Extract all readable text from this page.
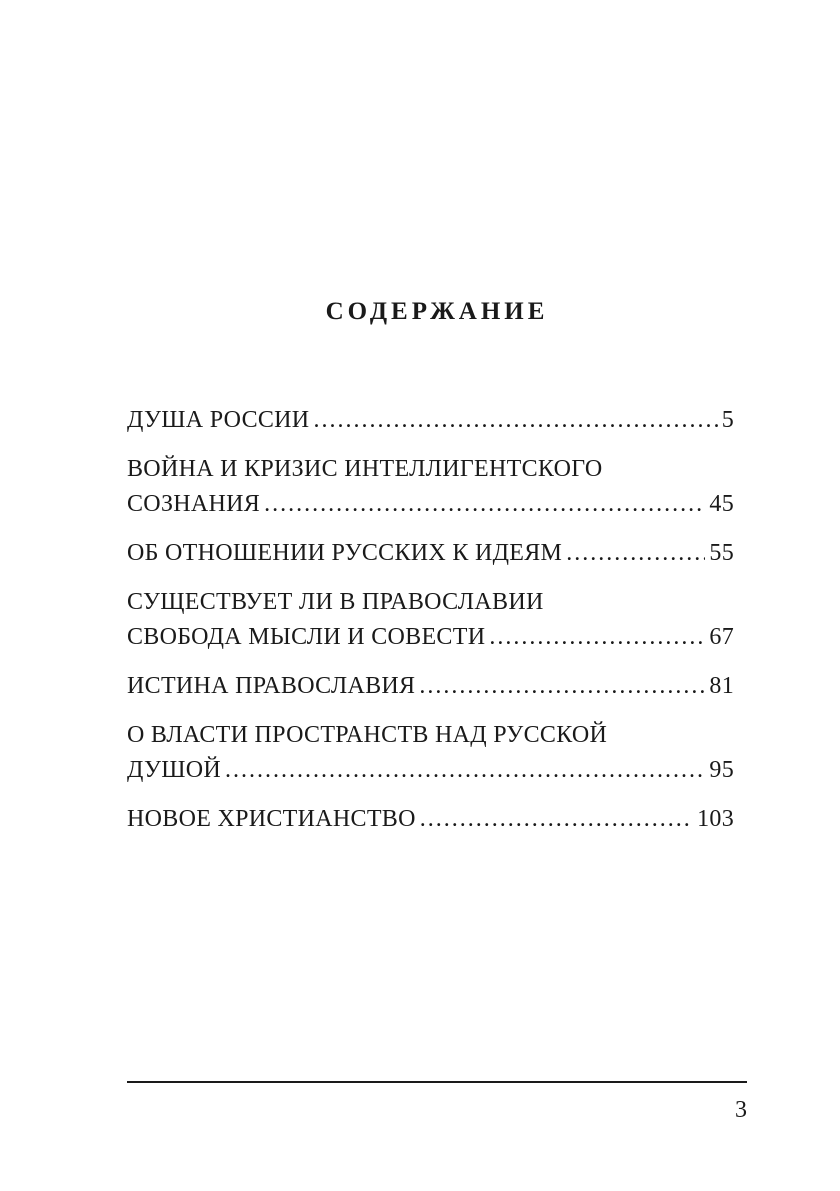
СОДЕРЖАНИЕ
ДУША РОССИИ .....	5
ВОЙНА И КРИЗИС ИНТЕЛЛИГЕНТСКОГО
СОЗНАНИЯ .....	45
ОБ ОТНОШЕНИИ РУССКИХ К ИДЕЯМ .....	55
СУЩЕСТВУЕТ ЛИ В ПРАВОСЛАВИИ
СВОБОДА МЫСЛИ И СОВЕСТИ .....	67
ИСТИНА ПРАВОСЛАВИЯ .....	81
О ВЛАСТИ ПРОСТРАНСТВ НАД РУССКОЙ
ДУШОЙ .....	95
НОВОЕ ХРИСТИАНСТВО .....	103
3
